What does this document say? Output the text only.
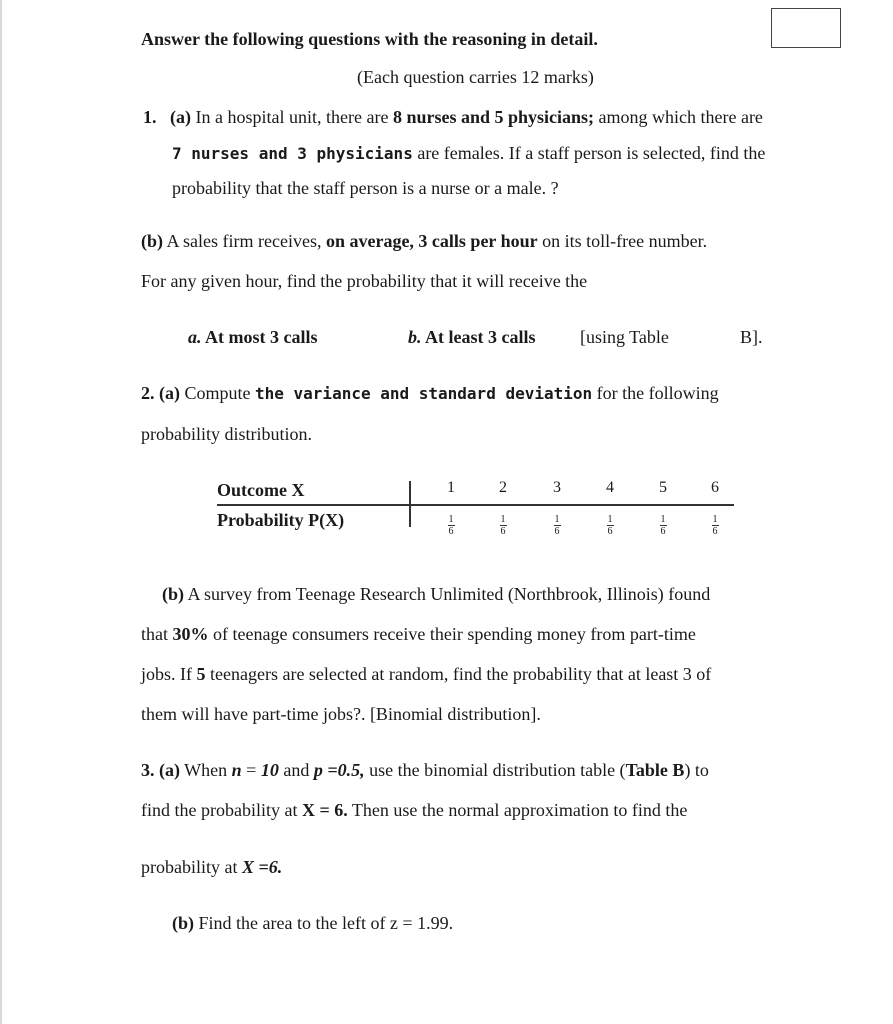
Answer the following questions with the reasoning in detail.
(Each question carries 12 marks)
1. (a) In a hospital unit, there are 8 nurses and 5 physicians; among which there are
7 nurses and 3 physicians are females. If a staff person is selected, find the
probability that the staff person is a nurse or a male. ?
(b) A sales firm receives, on average, 3 calls per hour on its toll-free number.
For any given hour, find the probability that it will receive the
a. At most 3 calls	b. At least 3 calls [using Table	B].
2. (a) Compute the variance and standard deviation for the following
probability distribution.
Outcome X	1	2	3	4	5	6
Probability P(X)	$\frac{1}{6}$	$\frac{1}{6}$	$\frac{1}{6}$	$\frac{1}{6}$	$\frac{1}{6}$	$\frac{1}{6}$
(b) A survey from Teenage Research Unlimited (Northbrook, Illinois) found
that 30% of teenage consumers receive their spending money from part-time
jobs. If 5 teenagers are selected at random, find the probability that at least 3 of
them will have part-time jobs?. [Binomial distribution].
3. (a) When n = 10 and p =0.5, use the binomial distribution table (Table B) to
find the probability at X = 6. Then use the normal approximation to find the
probability at X =6.
(b) Find the area to the left of z = 1.99.
